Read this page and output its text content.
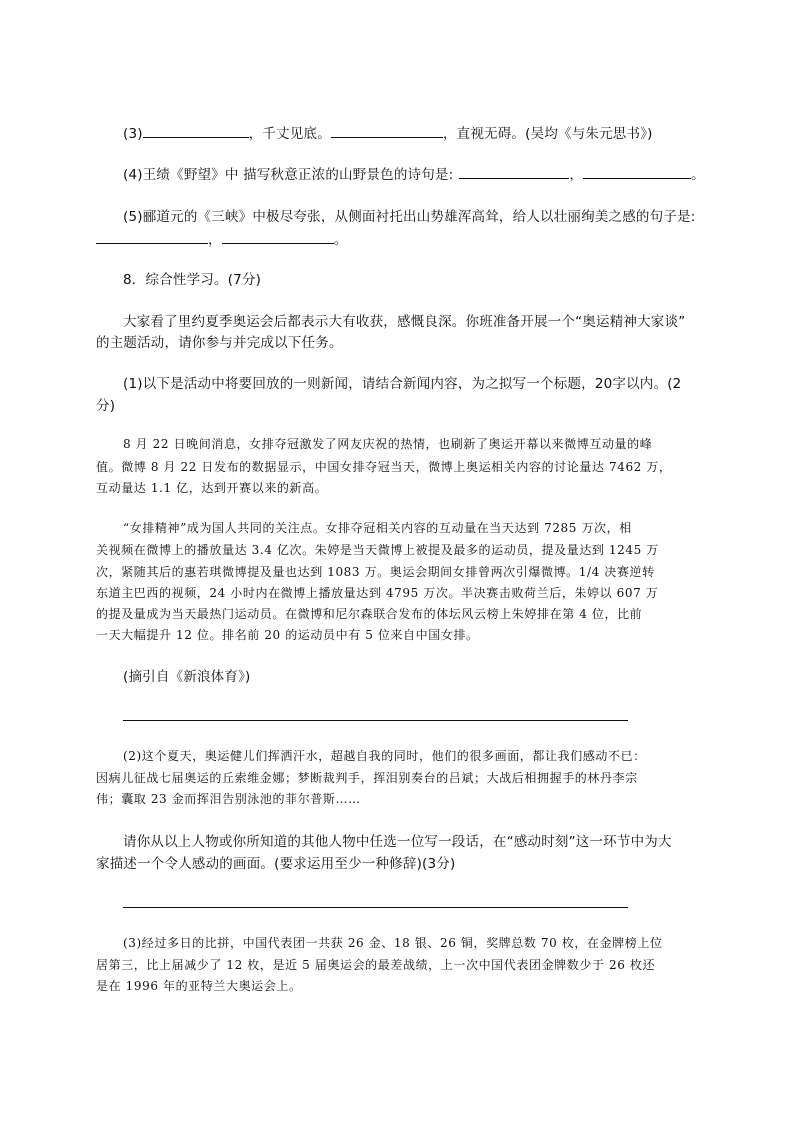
(3)	，千丈见底。	，直视无碍。(吴均《与朱元思书》)
(4)王绩《野望》中 描写秋意正浓的山野景色的诗句是:	，	。
(5)郦道元的《三峡》中极尽夸张，从侧面衬托出山势雄浑高耸，给人以壮丽绚美之感的句子是:
，	。
8．综合性学习。(7分)
大家看了里约夏季奥运会后都表示大有收获，感慨良深。你班准备开展一个“奥运精神大家谈”
的主题活动，请你参与并完成以下任务。
(1)以下是活动中将要回放的一则新闻，请结合新闻内容，为之拟写一个标题，20字以内。(2
分)
8 月 22 日晚间消息，女排夺冠激发了网友庆祝的热情，也刷新了奥运开幕以来微博互动量的峰
值。微博 8 月 22 日发布的数据显示，中国女排夺冠当天，微博上奥运相关内容的讨论量达 7462 万，
互动量达 1.1 亿，达到开赛以来的新高。
“女排精神”成为国人共同的关注点。女排夺冠相关内容的互动量在当天达到 7285 万次，相
关视频在微博上的播放量达 3.4 亿次。朱婷是当天微博上被提及最多的运动员，提及量达到 1245 万
次，紧随其后的惠若琪微博提及量也达到 1083 万。奥运会期间女排曾两次引爆微博。1/4 决赛逆转
东道主巴西的视频，24 小时内在微博上播放量达到 4795 万次。半决赛击败荷兰后，朱婷以 607 万
的提及量成为当天最热门运动员。在微博和尼尔森联合发布的体坛风云榜上朱婷排在第 4 位，比前
一天大幅提升 12 位。排名前 20 的运动员中有 5 位来自中国女排。
(摘引自《新浪体育》)
(2)这个夏天，奥运健儿们挥洒汗水，超越自我的同时，他们的很多画面，都让我们感动不已：
因病儿征战七届奥运的丘索维金娜；梦断裁判手，挥泪别奏台的吕斌；大战后相拥握手的林丹李宗
伟；囊取 23 金而挥泪告别泳池的菲尔普斯……
请你从以上人物或你所知道的其他人物中任选一位写一段话，在“感动时刻”这一环节中为大
家描述一个令人感动的画面。(要求运用至少一种修辞)(3分)
(3)经过多日的比拼，中国代表团一共获 26 金、18 银、26 铜，奖牌总数 70 枚，在金牌榜上位
居第三，比上届减少了 12 枚，是近 5 届奥运会的最差战绩，上一次中国代表团金牌数少于 26 枚还
是在 1996 年的亚特兰大奥运会上。
